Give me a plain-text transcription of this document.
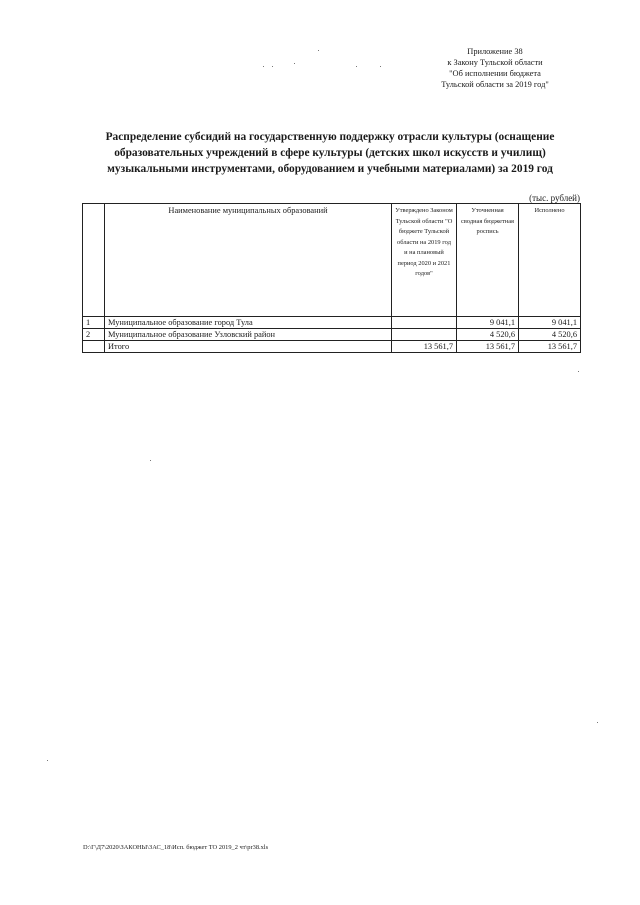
Приложение 38
к Закону Тульской области
"Об исполнении бюджета
Тульской области за 2019 год"
Распределение субсидий на государственную поддержку отрасли культуры (оснащение
образовательных учреждений в сфере культуры (детских школ искусств и училищ)
музыкальными инструментами, оборудованием и учебными материалами) за 2019 год
(тыс. рублей)
	Наименование муниципальных образований	Утверждено Законом Тульской области "О бюджете Тульской области на 2019 год и на плановый период 2020 и 2021 годов"	Уточненная сводная бюджетная роспись	Исполнено
1	Муниципальное образование город Тула		9 041,1	9 041,1
2	Муниципальное образование Узловский район		4 520,6	4 520,6
	Итого	13 561,7	13 561,7	13 561,7
D:\Г\Д7\2020\ЗАКОНЫ\ЗАС_18\Исп. бюджет ТО 2019_2 чт\pr38.xls
